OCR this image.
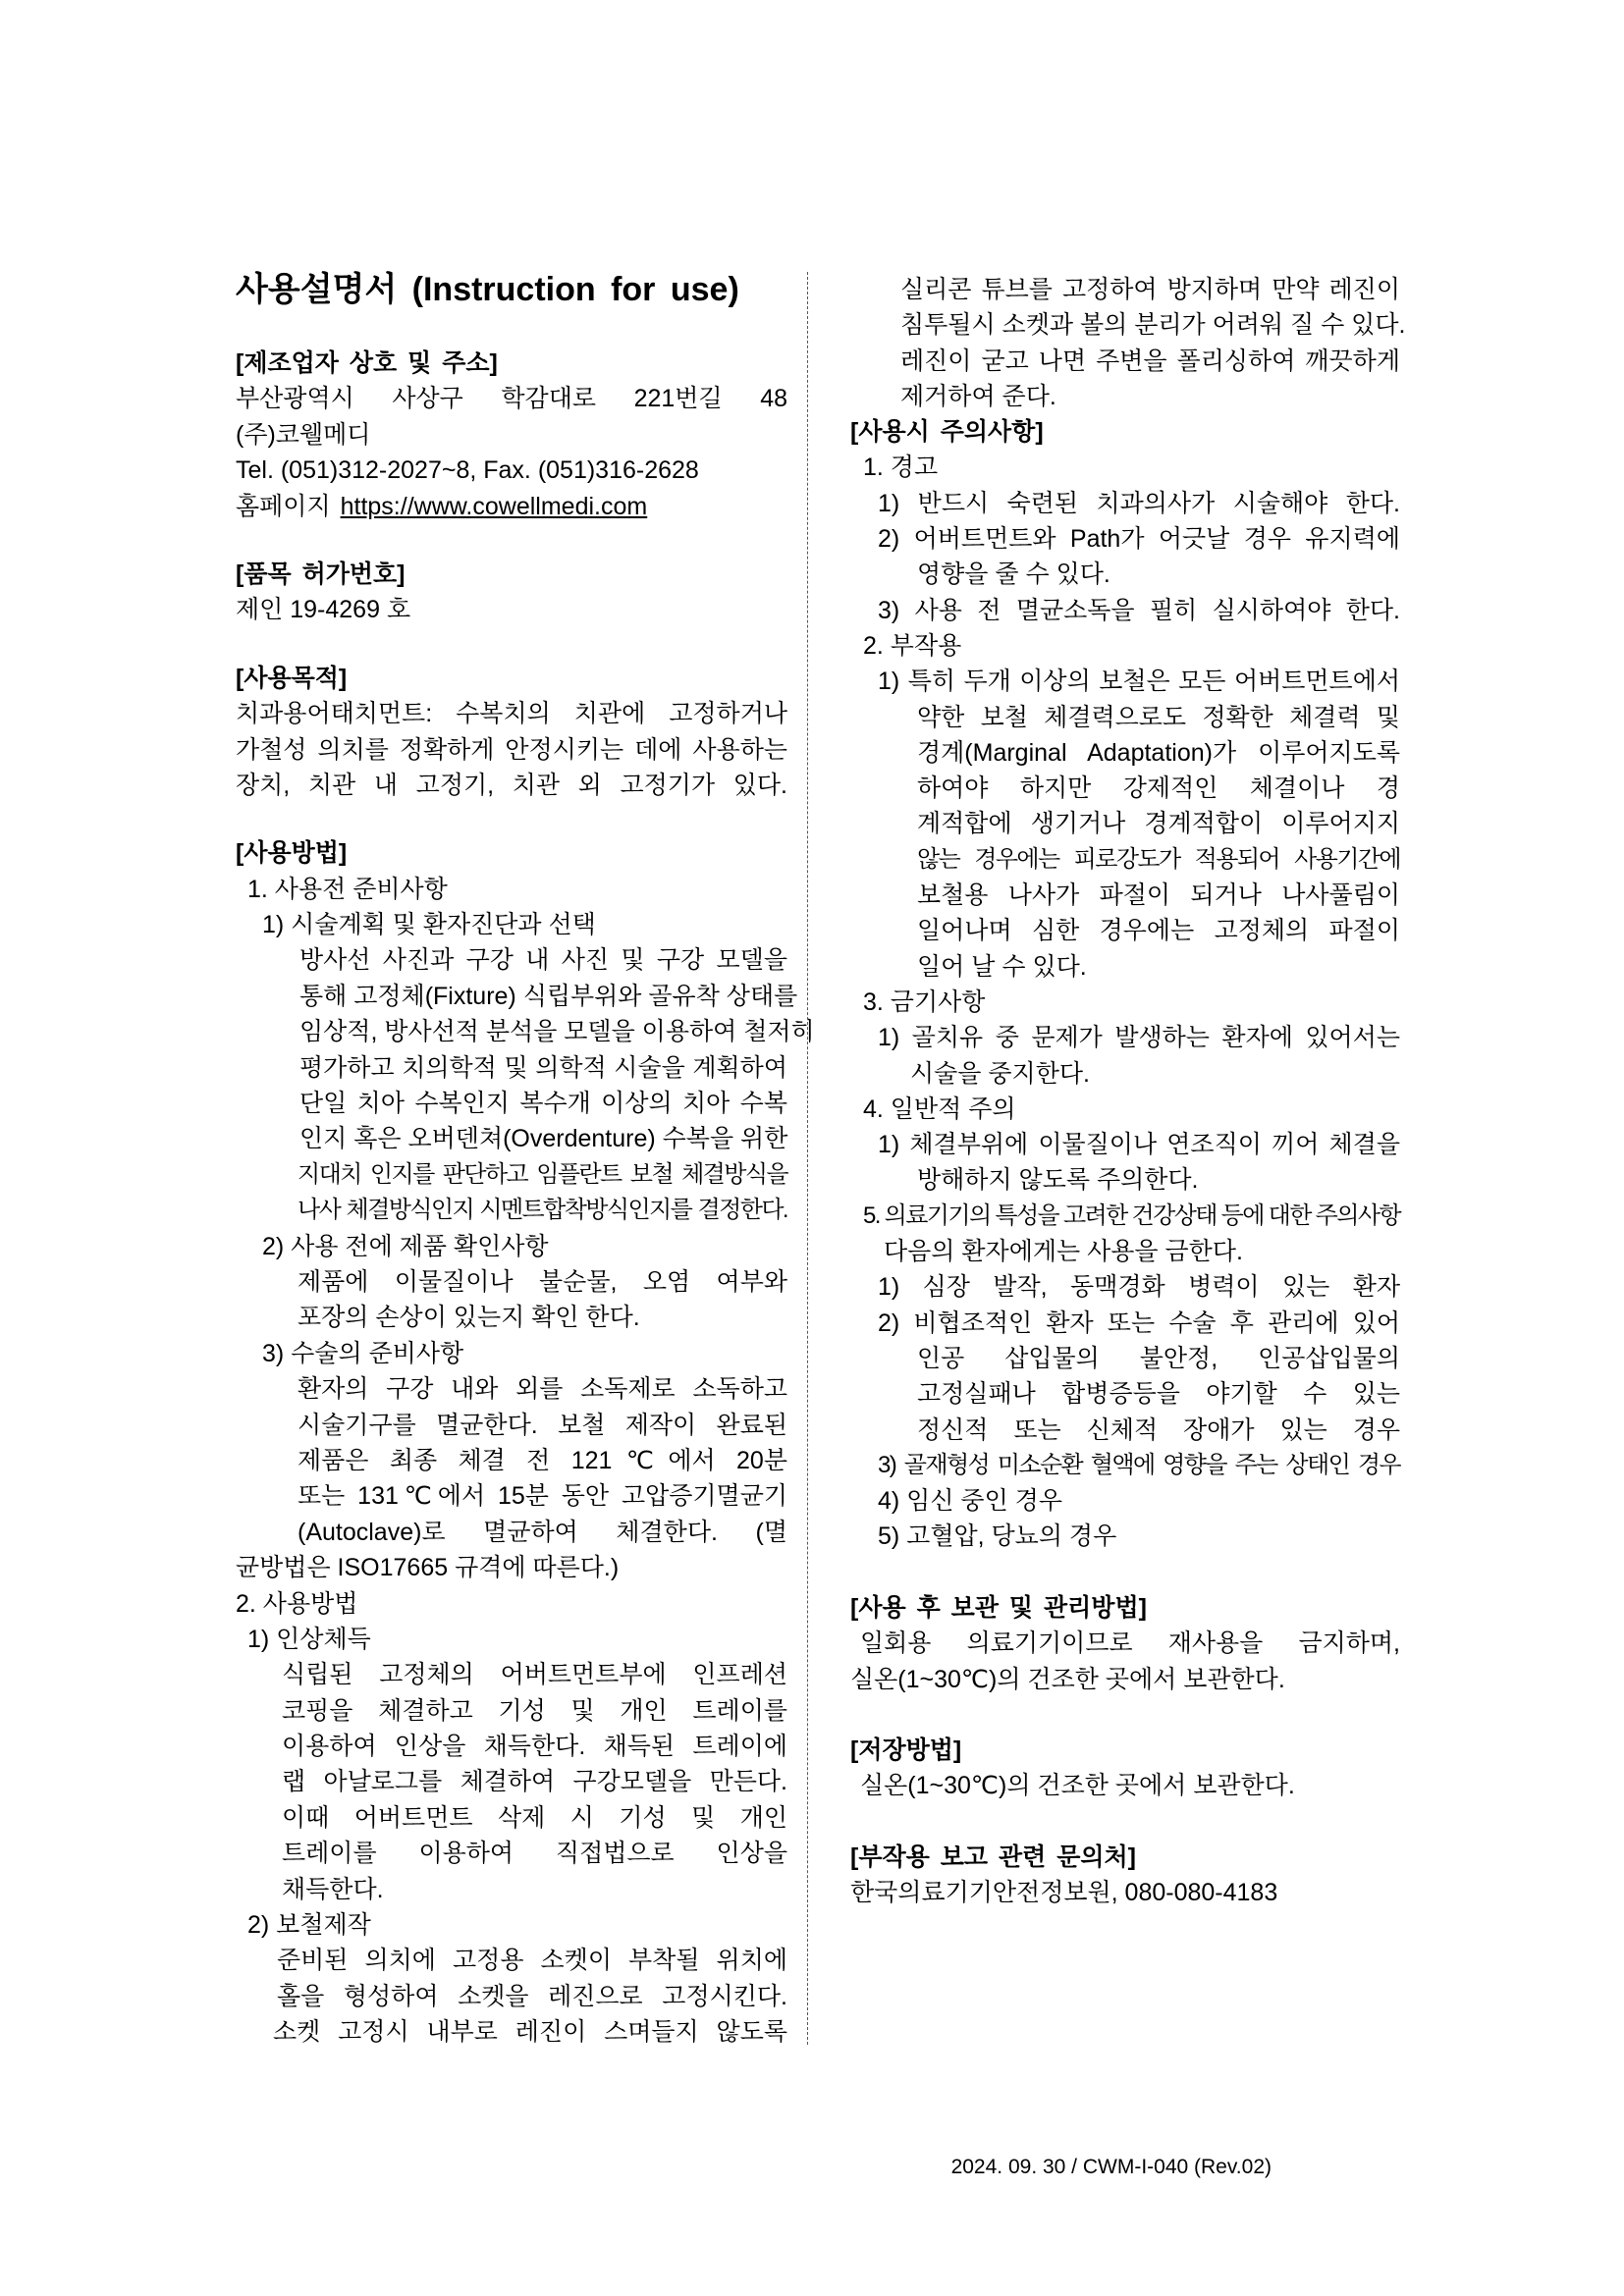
사용설명서 (Instruction for use)
[제조업자 상호 및 주소]
부산광역시 사상구 학감대로 221번길 48
(주)코웰메디
Tel. (051)312-2027~8, Fax. (051)316-2628
홈페이지 https://www.cowellmedi.com
[품목 허가번호]
제인 19-4269 호
[사용목적]
치과용어태치먼트: 수복치의 치관에 고정하거나
가철성 의치를 정확하게 안정시키는 데에 사용하는
장치, 치관 내 고정기, 치관 외 고정기가 있다.
[사용방법]
1. 사용전 준비사항
1) 시술계획 및 환자진단과 선택
방사선 사진과 구강 내 사진 및 구강 모델을
통해 고정체(Fixture) 식립부위와 골유착 상태를
임상적, 방사선적 분석을 모델을 이용하여 철저히
평가하고 치의학적 및 의학적 시술을 계획하여
단일 치아 수복인지 복수개 이상의 치아 수복
인지 혹은 오버덴쳐(Overdenture) 수복을 위한
지대치 인지를 판단하고 임플란트 보철 체결방식을
나사 체결방식인지 시멘트합착방식인지를 결정한다.
2) 사용 전에 제품 확인사항
제품에 이물질이나 불순물, 오염 여부와
포장의 손상이 있는지 확인 한다.
3) 수술의 준비사항
환자의 구강 내와 외를 소독제로 소독하고
시술기구를 멸균한다. 보철 제작이 완료된
제품은 최종 체결 전 121℃에서 20분
또는 131℃에서 15분 동안 고압증기멸균기
(Autoclave)로 멸균하여 체결한다. (멸
균방법은 ISO17665 규격에 따른다.)
2. 사용방법
1) 인상체득
식립된 고정체의 어버트먼트부에 인프레션
코핑을 체결하고 기성 및 개인 트레이를
이용하여 인상을 채득한다. 채득된 트레이에
랩 아날로그를 체결하여 구강모델을 만든다.
이때 어버트먼트 삭제 시 기성 및 개인
트레이를 이용하여 직접법으로 인상을
채득한다.
2) 보철제작
준비된 의치에 고정용 소켓이 부착될 위치에
홀을 형성하여 소켓을 레진으로 고정시킨다.
소켓 고정시 내부로 레진이 스며들지 않도록
실리콘 튜브를 고정하여 방지하며 만약 레진이
침투될시 소켓과 볼의 분리가 어려워 질 수 있다.
레진이 굳고 나면 주변을 폴리싱하여 깨끗하게
제거하여 준다.
[사용시 주의사항]
1. 경고
1) 반드시 숙련된 치과의사가 시술해야 한다.
2) 어버트먼트와 Path가 어긋날 경우 유지력에
영향을 줄 수 있다.
3) 사용 전 멸균소독을 필히 실시하여야 한다.
2. 부작용
1) 특히 두개 이상의 보철은 모든 어버트먼트에서
약한 보철 체결력으로도 정확한 체결력 및
경계(Marginal Adaptation)가 이루어지도록
하여야 하지만 강제적인 체결이나 경
계적합에 생기거나 경계적합이 이루어지지
않는 경우에는 피로강도가 적용되어 사용기간에
보철용 나사가 파절이 되거나 나사풀림이
일어나며 심한 경우에는 고정체의 파절이
일어 날 수 있다.
3. 금기사항
1) 골치유 중 문제가 발생하는 환자에 있어서는
시술을 중지한다.
4. 일반적 주의
1) 체결부위에 이물질이나 연조직이 끼어 체결을
방해하지 않도록 주의한다.
5. 의료기기의 특성을 고려한 건강상태 등에 대한 주의사항
다음의 환자에게는 사용을 금한다.
1) 심장 발작, 동맥경화 병력이 있는 환자
2) 비협조적인 환자 또는 수술 후 관리에 있어
인공 삽입물의 불안정, 인공삽입물의
고정실패나 합병증등을 야기할 수 있는
정신적 또는 신체적 장애가 있는 경우
3) 골재형성 미소순환 혈액에 영향을 주는 상태인 경우
4) 임신 중인 경우
5) 고혈압, 당뇨의 경우
[사용 후 보관 및 관리방법]
일회용 의료기기이므로 재사용을 금지하며,
실온(1~30℃)의 건조한 곳에서 보관한다.
[저장방법]
실온(1~30℃)의 건조한 곳에서 보관한다.
[부작용 보고 관련 문의처]
한국의료기기안전정보원, 080-080-4183
2024. 09. 30 / CWM-I-040 (Rev.02)
